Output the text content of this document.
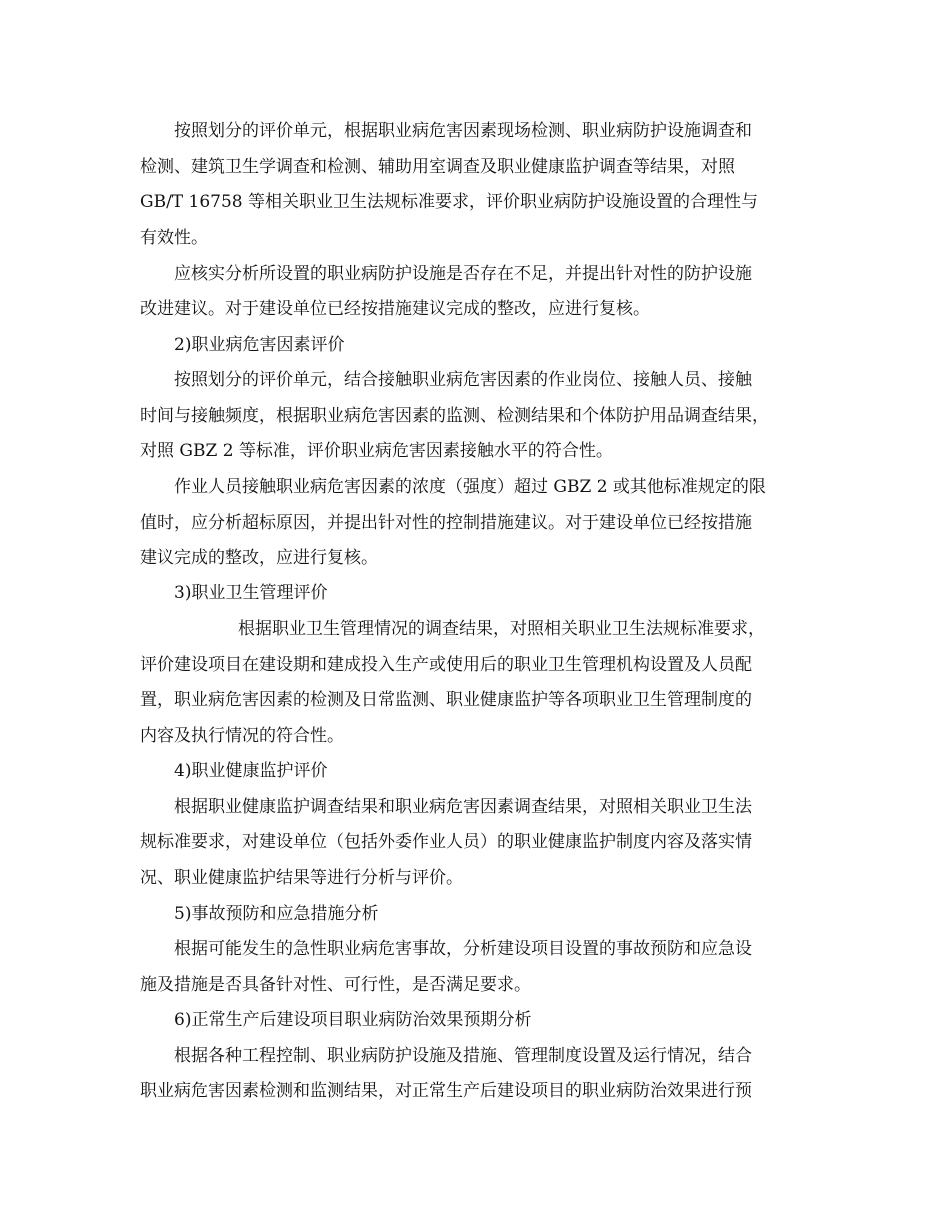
按照划分的评价单元，根据职业病危害因素现场检测、职业病防护设施调查和
检测、建筑卫生学调查和检测、辅助用室调查及职业健康监护调查等结果，对照
GB/T 16758 等相关职业卫生法规标准要求，评价职业病防护设施设置的合理性与
有效性。
应核实分析所设置的职业病防护设施是否存在不足，并提出针对性的防护设施
改进建议。对于建设单位已经按措施建议完成的整改，应进行复核。
2)职业病危害因素评价
按照划分的评价单元，结合接触职业病危害因素的作业岗位、接触人员、接触
时间与接触频度，根据职业病危害因素的监测、检测结果和个体防护用品调查结果，
对照 GBZ 2 等标准，评价职业病危害因素接触水平的符合性。
作业人员接触职业病危害因素的浓度（强度）超过 GBZ 2 或其他标准规定的限
值时，应分析超标原因，并提出针对性的控制措施建议。对于建设单位已经按措施
建议完成的整改，应进行复核。
3)职业卫生管理评价
根据职业卫生管理情况的调查结果，对照相关职业卫生法规标准要求，
评价建设项目在建设期和建成投入生产或使用后的职业卫生管理机构设置及人员配
置，职业病危害因素的检测及日常监测、职业健康监护等各项职业卫生管理制度的
内容及执行情况的符合性。
4)职业健康监护评价
根据职业健康监护调查结果和职业病危害因素调查结果，对照相关职业卫生法
规标准要求，对建设单位（包括外委作业人员）的职业健康监护制度内容及落实情
况、职业健康监护结果等进行分析与评价。
5)事故预防和应急措施分析
根据可能发生的急性职业病危害事故，分析建设项目设置的事故预防和应急设
施及措施是否具备针对性、可行性，是否满足要求。
6)正常生产后建设项目职业病防治效果预期分析
根据各种工程控制、职业病防护设施及措施、管理制度设置及运行情况，结合
职业病危害因素检测和监测结果，对正常生产后建设项目的职业病防治效果进行预
